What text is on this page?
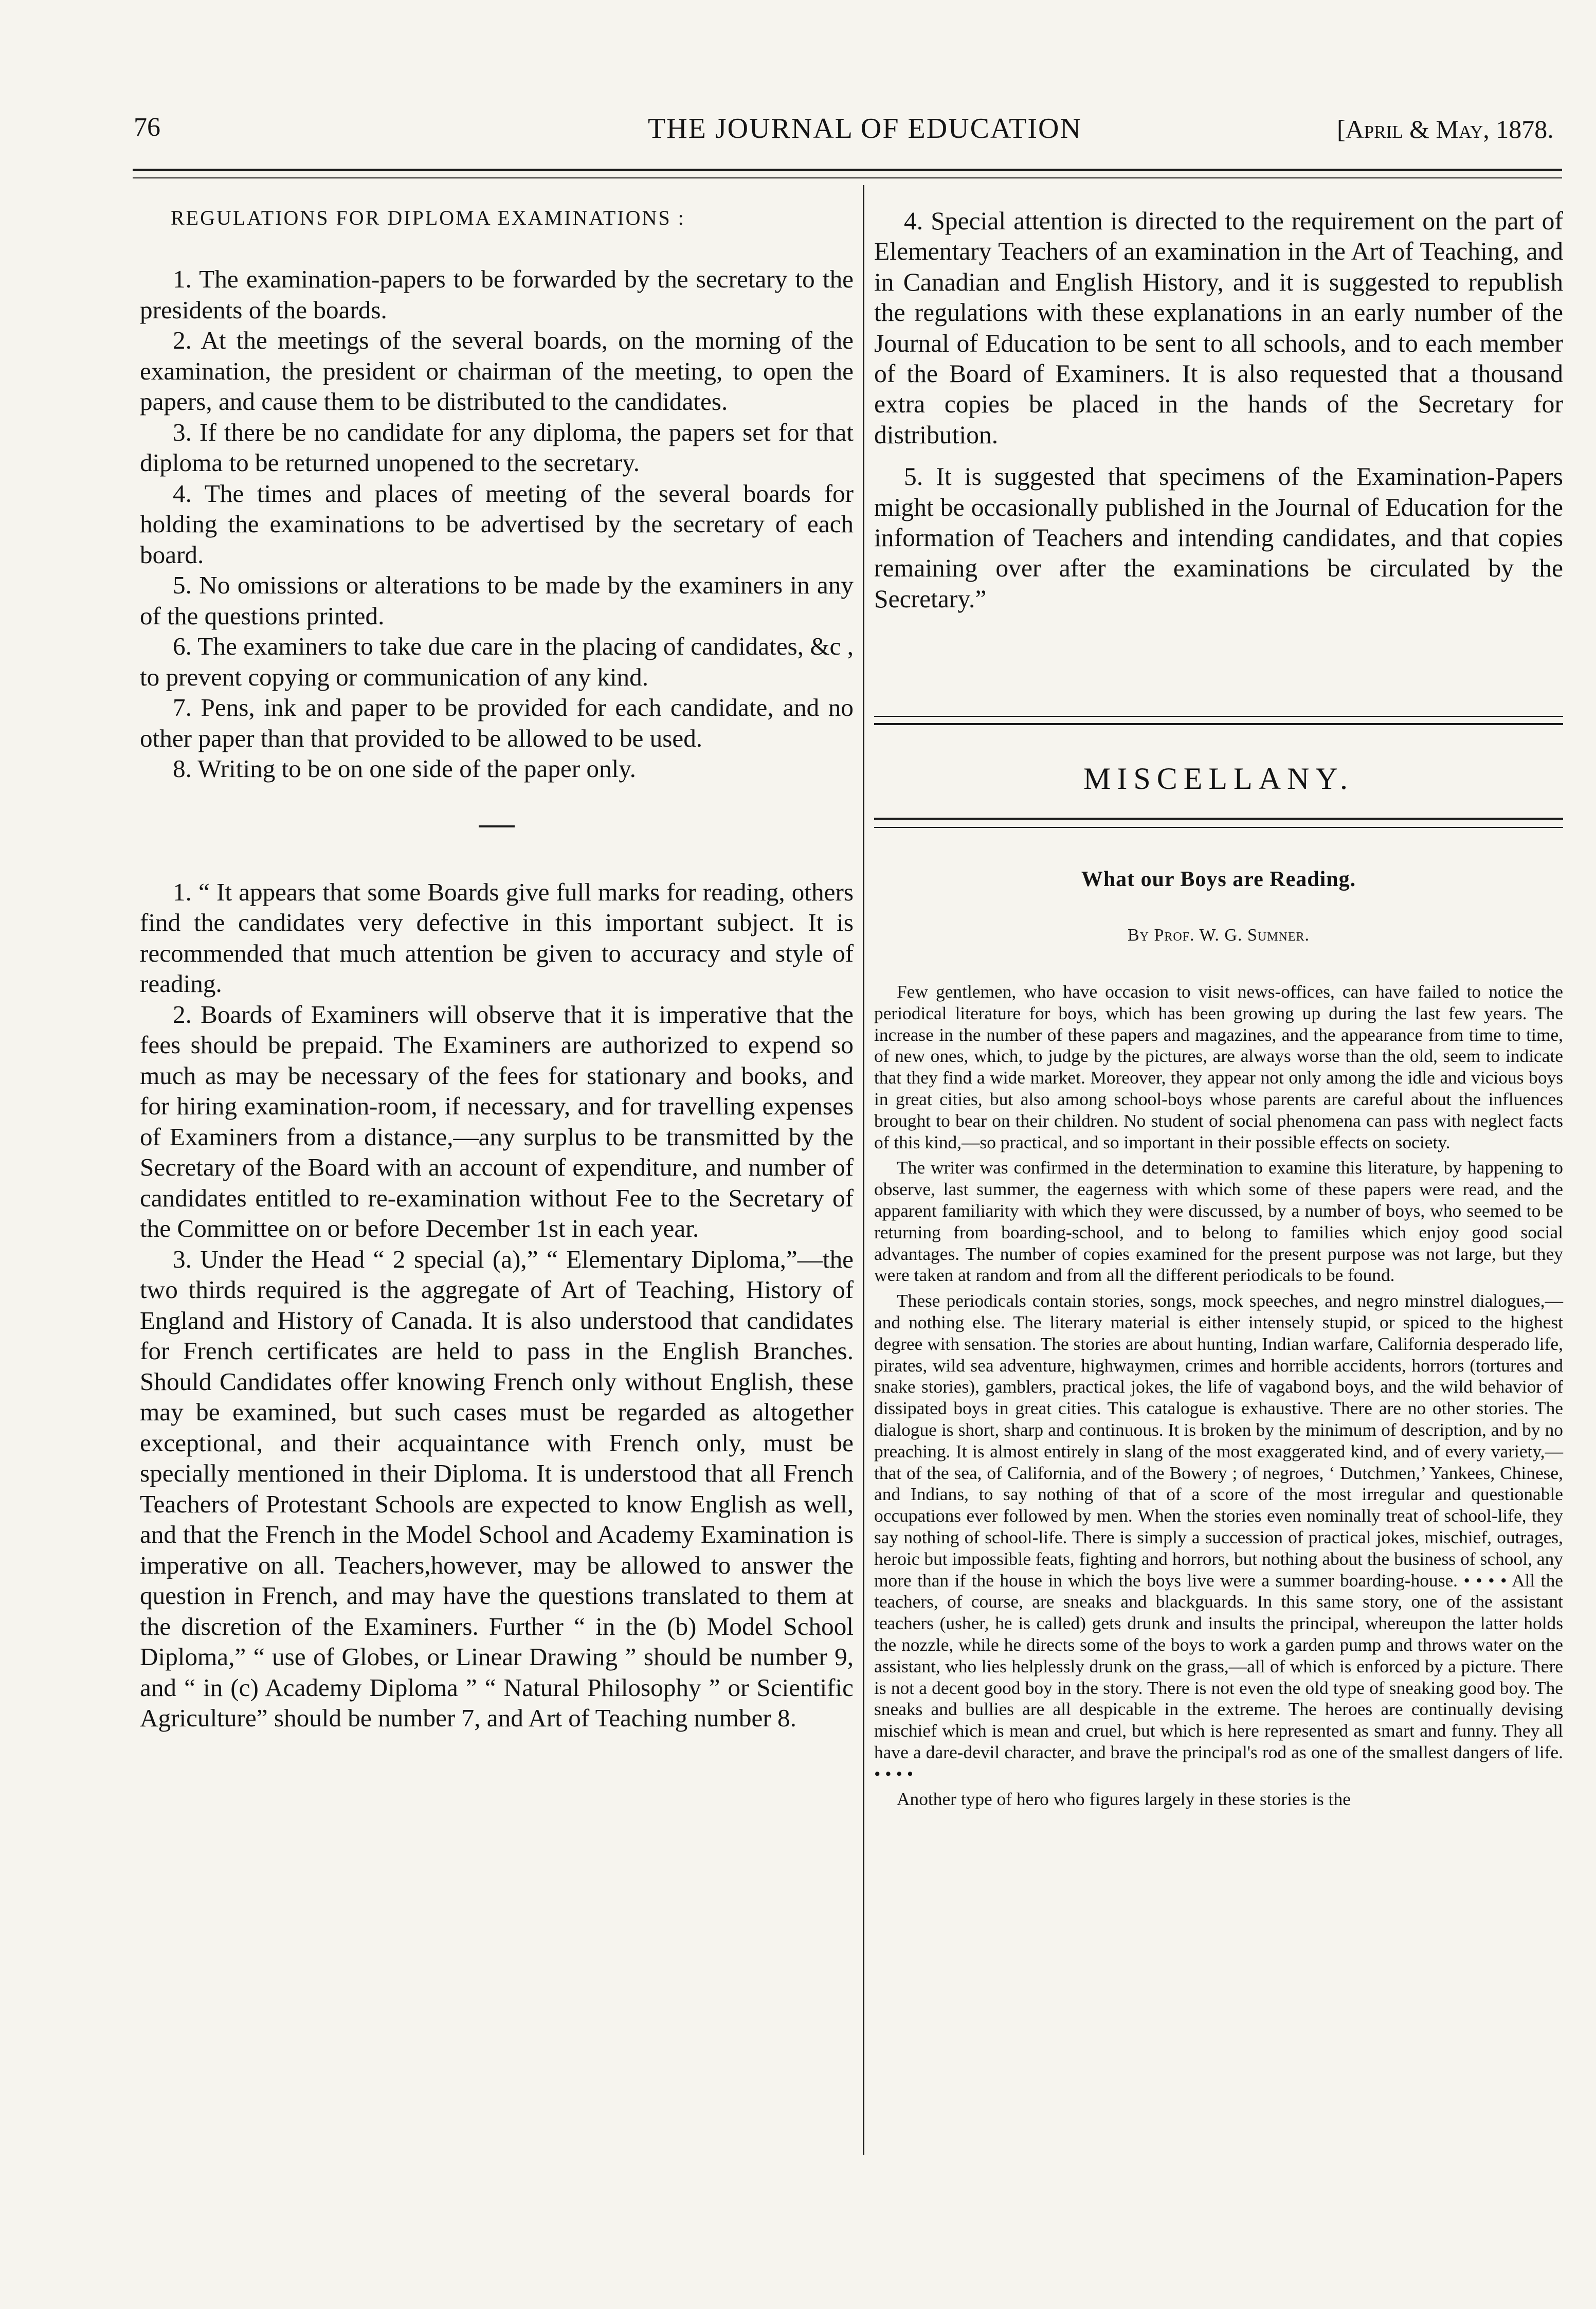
76	THE JOURNAL OF EDUCATION	[April & May, 1878.
REGULATIONS FOR DIPLOMA EXAMINATIONS :

1. The examination-papers to be forwarded by the secretary to the presidents of the boards.

2. At the meetings of the several boards, on the morning of the examination, the president or chairman of the meeting, to open the papers, and cause them to be distributed to the candidates.

3. If there be no candidate for any diploma, the papers set for that diploma to be returned unopened to the secretary.

4. The times and places of meeting of the several boards for holding the examinations to be advertised by the secretary of each board.

5. No omissions or alterations to be made by the examiners in any of the questions printed.

6. The examiners to take due care in the placing of candidates, &c , to prevent copying or communication of any kind.

7. Pens, ink and paper to be provided for each candidate, and no other paper than that provided to be allowed to be used.

8. Writing to be on one side of the paper only.

1. “ It appears that some Boards give full marks for reading, others find the candidates very defective in this important subject. It is recommended that much attention be given to accuracy and style of reading.

2. Boards of Examiners will observe that it is imperative that the fees should be prepaid. The Examiners are authorized to expend so much as may be necessary of the fees for stationary and books, and for hiring examination-room, if necessary, and for travelling expenses of Examiners from a distance,—any surplus to be transmitted by the Secretary of the Board with an account of expenditure, and number of candidates entitled to re-examination without Fee to the Secretary of the Committee on or before December 1st in each year.

3. Under the Head “ 2 special (a),” “ Elementary Diploma,”—the two thirds required is the aggregate of Art of Teaching, History of England and History of Canada. It is also understood that candidates for French certificates are held to pass in the English Branches. Should Candidates offer knowing French only without English, these may be examined, but such cases must be regarded as altogether exceptional, and their acquaintance with French only, must be specially mentioned in their Diploma. It is understood that all French Teachers of Protestant Schools are expected to know English as well, and that the French in the Model School and Academy Examination is imperative on all. Teachers,however, may be allowed to answer the question in French, and may have the questions translated to them at the discretion of the Examiners. Further “ in the (b) Model School Diploma,” “ use of Globes, or Linear Drawing ” should be number 9, and “ in (c) Academy Diploma ” “ Natural Philosophy ” or Scientific Agriculture” should be number 7, and Art of Teaching number 8.

4. Special attention is directed to the requirement on the part of Elementary Teachers of an examination in the Art of Teaching, and in Canadian and English History, and it is suggested to republish the regulations with these explanations in an early number of the Journal of Education to be sent to all schools, and to each member of the Board of Examiners. It is also requested that a thousand extra copies be placed in the hands of the Secretary for distribution.

5. It is suggested that specimens of the Examination-Papers might be occasionally published in the Journal of Education for the information of Teachers and intending candidates, and that copies remaining over after the examinations be circulated by the Secretary.”

MISCELLANY.
What our Boys are Reading.
By Prof. W. G. Sumner.

Few gentlemen, who have occasion to visit news-offices, can have failed to notice the periodical literature for boys, which has been growing up during the last few years. The increase in the number of these papers and magazines, and the appearance from time to time, of new ones, which, to judge by the pictures, are always worse than the old, seem to indicate that they find a wide market. Moreover, they appear not only among the idle and vicious boys in great cities, but also among school-boys whose parents are careful about the influences brought to bear on their children. No student of social phenomena can pass with neglect facts of this kind,—so practical, and so important in their possible effects on society.

The writer was confirmed in the determination to examine this literature, by happening to observe, last summer, the eagerness with which some of these papers were read, and the apparent familiarity with which they were discussed, by a number of boys, who seemed to be returning from boarding-school, and to belong to families which enjoy good social advantages. The number of copies examined for the present purpose was not large, but they were taken at random and from all the different periodicals to be found.

These periodicals contain stories, songs, mock speeches, and negro minstrel dialogues,—and nothing else. The literary material is either intensely stupid, or spiced to the highest degree with sensation. The stories are about hunting, Indian warfare, California desperado life, pirates, wild sea adventure, highwaymen, crimes and horrible accidents, horrors (tortures and snake stories), gamblers, practical jokes, the life of vagabond boys, and the wild behavior of dissipated boys in great cities. This catalogue is exhaustive. There are no other stories. The dialogue is short, sharp and continuous. It is broken by the minimum of description, and by no preaching. It is almost entirely in slang of the most exaggerated kind, and of every variety,—that of the sea, of California, and of the Bowery ; of negroes, ‘ Dutchmen,’ Yankees, Chinese, and Indians, to say nothing of that of a score of the most irregular and questionable occupations ever followed by men. When the stories even nominally treat of school-life, they say nothing of school-life. There is simply a succession of practical jokes, mischief, outrages, heroic but impossible feats, fighting and horrors, but nothing about the business of school, any more than if the house in which the boys live were a summer boarding-house. • • • • All the teachers, of course, are sneaks and blackguards. In this same story, one of the assistant teachers (usher, he is called) gets drunk and insults the principal, whereupon the latter holds the nozzle, while he directs some of the boys to work a garden pump and throws water on the assistant, who lies helplessly drunk on the grass,—all of which is enforced by a picture. There is not a decent good boy in the story. There is not even the old type of sneaking good boy. The sneaks and bullies are all despicable in the extreme. The heroes are continually devising mischief which is mean and cruel, but which is here represented as smart and funny. They all have a dare-devil character, and brave the principal's rod as one of the smallest dangers of life. • • • •

Another type of hero who figures largely in these stories is the
